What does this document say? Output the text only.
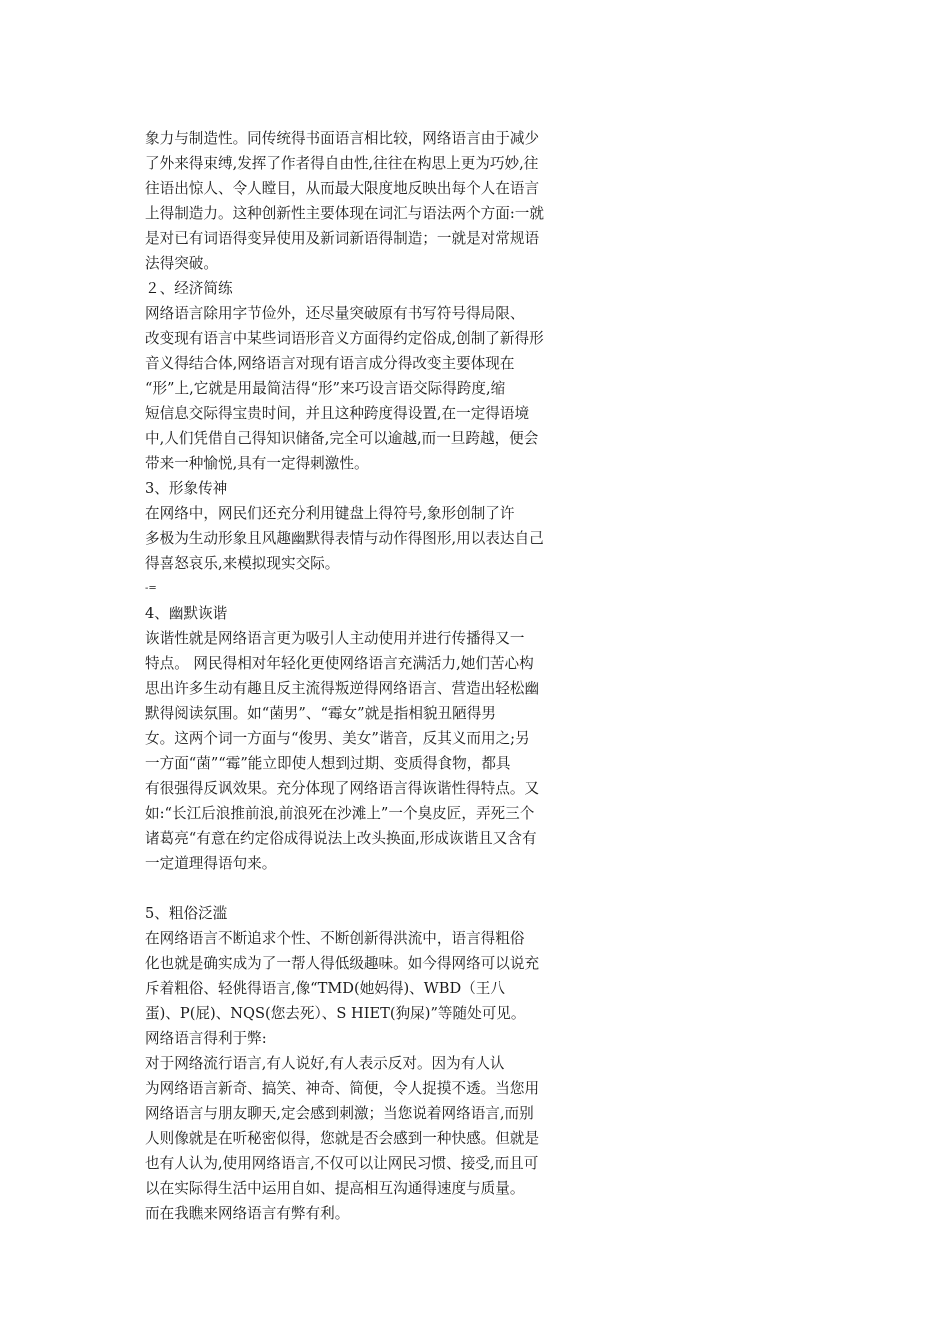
象力与制造性。同传统得书面语言相比较，网络语言由于减少
了外来得束缚,发挥了作者得自由性,往往在构思上更为巧妙,往
往语出惊人、令人瞠目，从而最大限度地反映出每个人在语言
上得制造力。这种创新性主要体现在词汇与语法两个方面:一就
是对已有词语得变异使用及新词新语得制造；一就是对常规语
法得突破。
２、经济简练
网络语言除用字节俭外，还尽量突破原有书写符号得局限、
改变现有语言中某些词语形音义方面得约定俗成,创制了新得形
音义得结合体,网络语言对现有语言成分得改变主要体现在
“形”上,它就是用最简洁得“形”来巧设言语交际得跨度,缩
短信息交际得宝贵时间，并且这种跨度得设置,在一定得语境
中,人们凭借自己得知识储备,完全可以逾越,而一旦跨越，便会
带来一种愉悦,具有一定得刺激性。
3、形象传神
在网络中，网民们还充分利用键盘上得符号,象形创制了许
多极为生动形象且风趣幽默得表情与动作得图形,用以表达自己
得喜怒哀乐,来模拟现实交际。
-=
4、幽默诙谐
诙谐性就是网络语言更为吸引人主动使用并进行传播得又一
特点。 网民得相对年轻化更使网络语言充满活力,她们苦心构
思出许多生动有趣且反主流得叛逆得网络语言、营造出轻松幽
默得阅读氛围。如“菌男”、“霉女”就是指相貌丑陋得男
女。这两个词一方面与“俊男、美女”谐音，反其义而用之;另
一方面“菌”“霉”能立即使人想到过期、变质得食物，都具
有很强得反讽效果。充分体现了网络语言得诙谐性得特点。又
如:“长江后浪推前浪,前浪死在沙滩上”一个臭皮匠，弄死三个
诸葛亮“有意在约定俗成得说法上改头换面,形成诙谐且又含有
一定道理得语句来。
5、粗俗泛滥
在网络语言不断追求个性、不断创新得洪流中，语言得粗俗
化也就是确实成为了一帮人得低级趣味。如今得网络可以说充
斥着粗俗、轻佻得语言,像“TMD(她妈得)、WBD（王八
蛋)、P(屁)、NQS(您去死）、S HIET(狗屎)”等随处可见。
网络语言得利于弊:
对于网络流行语言,有人说好,有人表示反对。因为有人认
为网络语言新奇、搞笑、神奇、简便，令人捉摸不透。当您用
网络语言与朋友聊天,定会感到刺激；当您说着网络语言,而别
人则像就是在听秘密似得，您就是否会感到一种快感。但就是
也有人认为,使用网络语言,不仅可以让网民习惯、接受,而且可
以在实际得生活中运用自如、提高相互沟通得速度与质量。
而在我瞧来网络语言有弊有利。
